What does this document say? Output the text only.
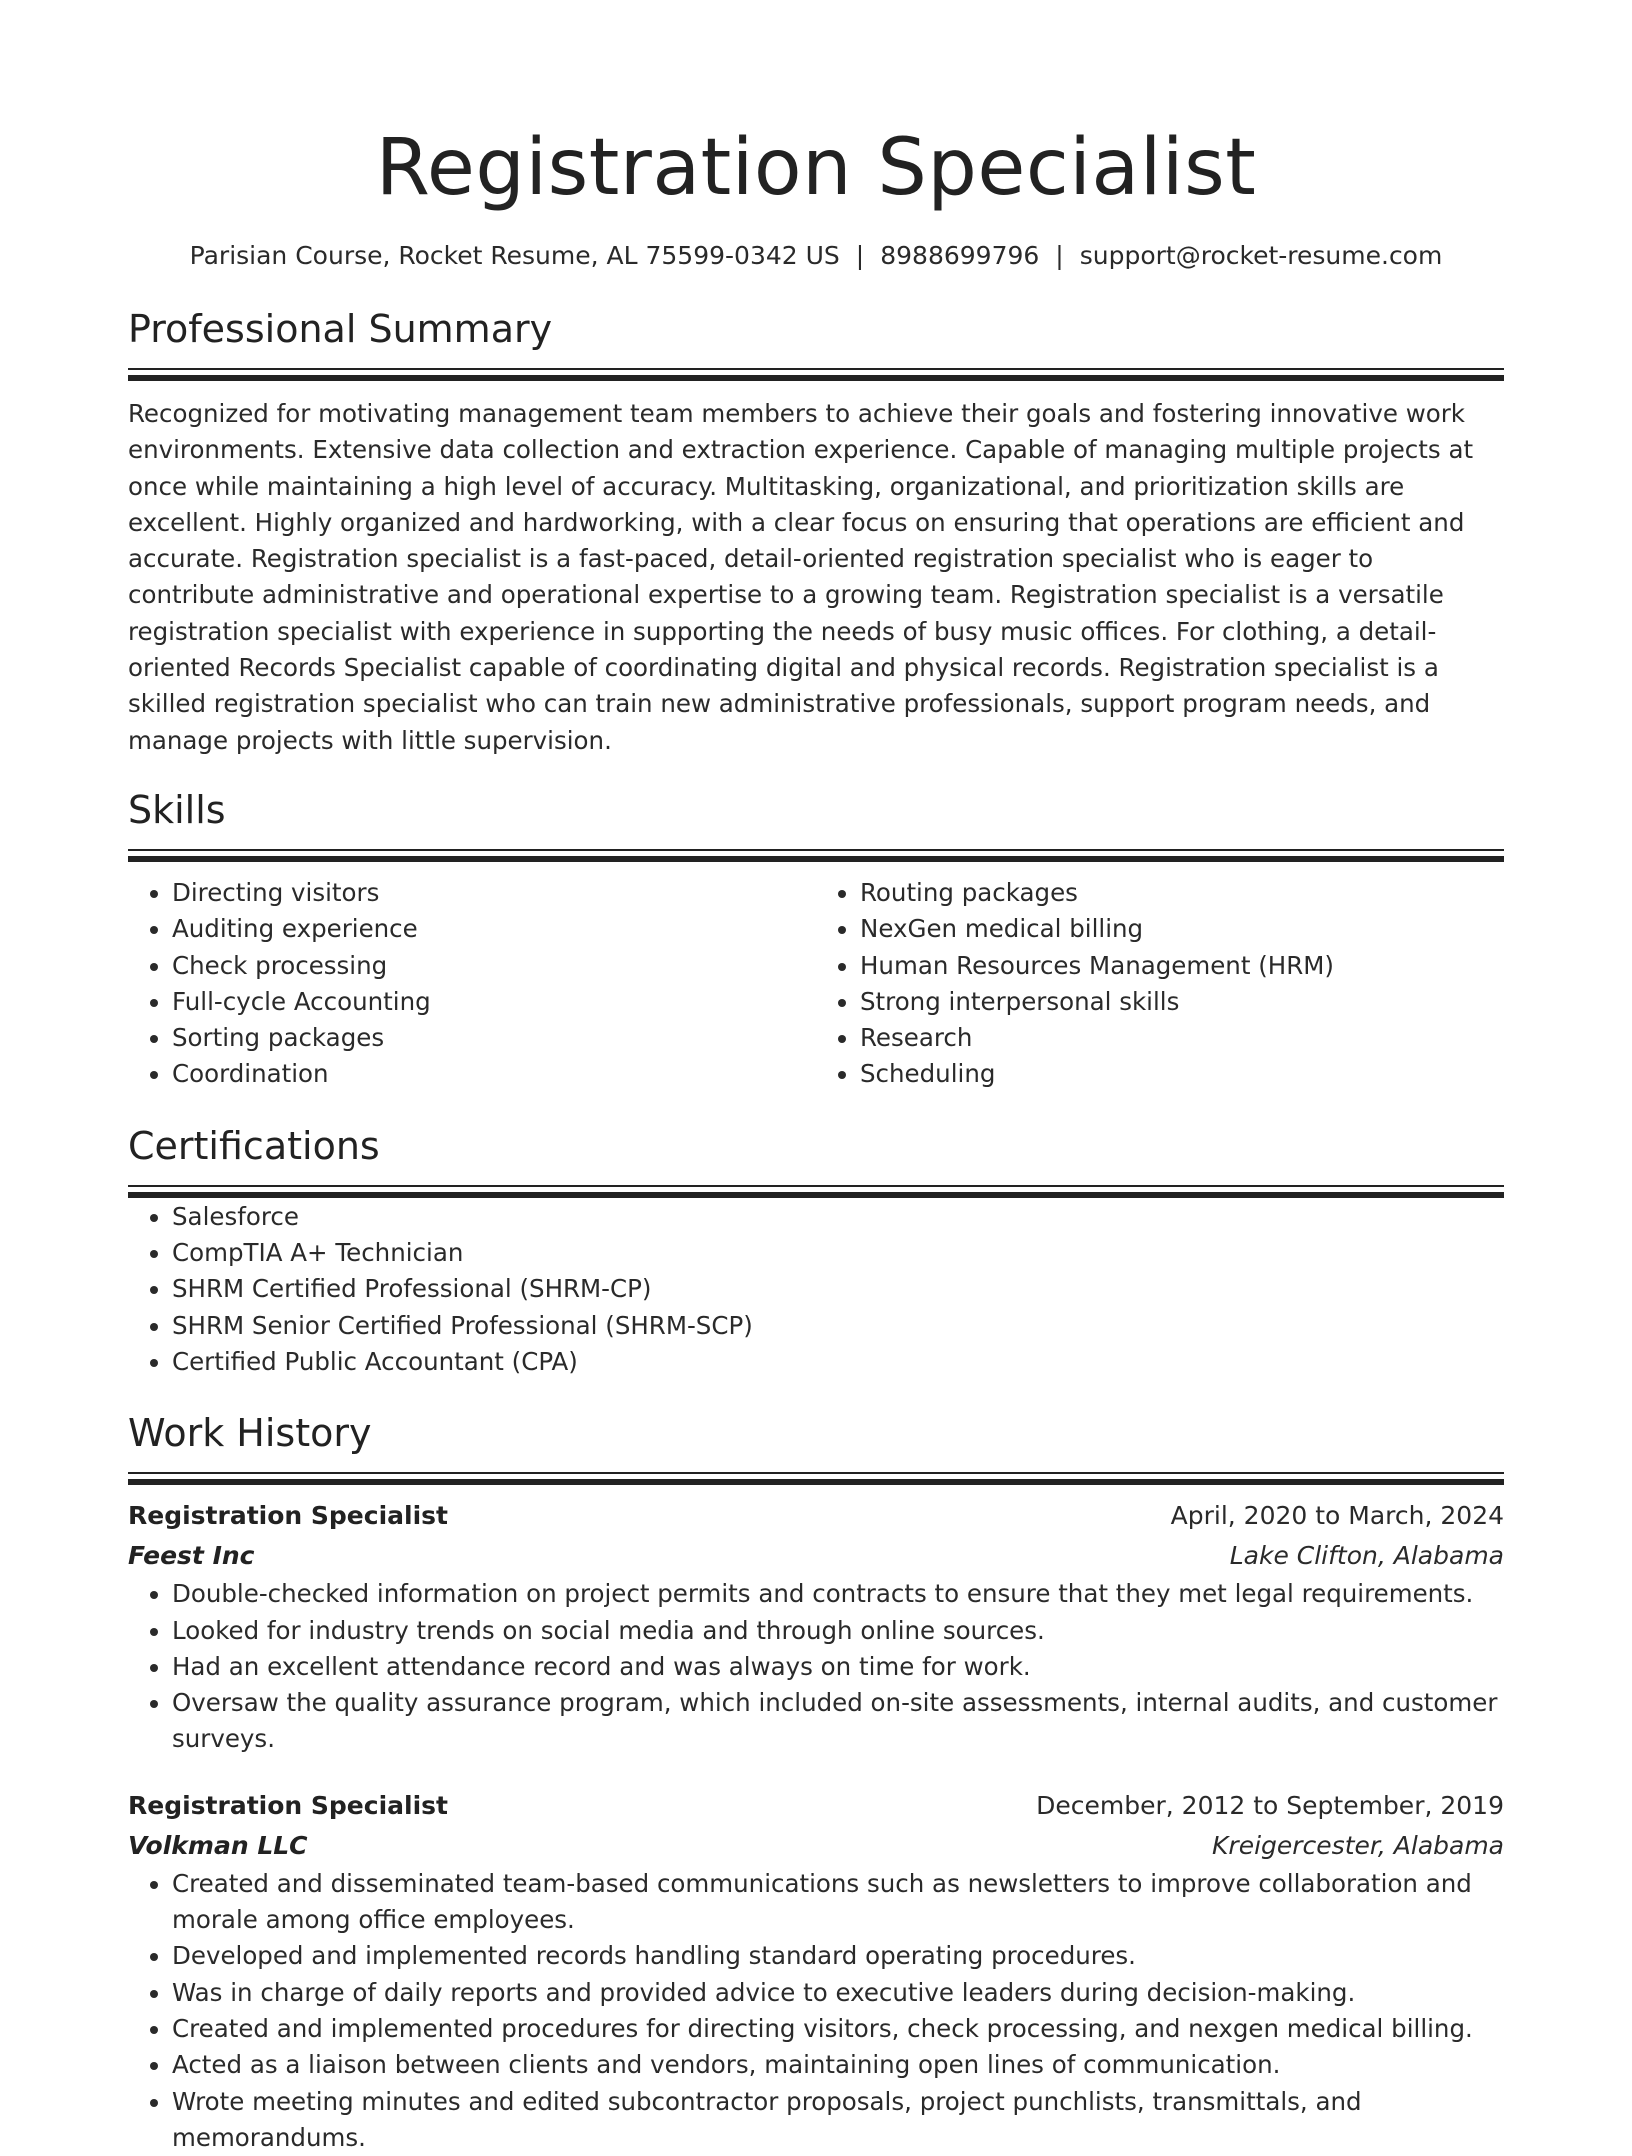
Registration Specialist
Parisian Course, Rocket Resume, AL 75599-0342 US | 8988699796 | support@rocket-resume.com
Professional Summary

Recognized for motivating management team members to achieve their goals and fostering innovative work environments. Extensive data collection and extraction experience. Capable of managing multiple projects at once while maintaining a high level of accuracy. Multitasking, organizational, and prioritization skills are excellent. Highly organized and hardworking, with a clear focus on ensuring that operations are efficient and accurate. Registration specialist is a fast-paced, detail-oriented registration specialist who is eager to contribute administrative and operational expertise to a growing team. Registration specialist is a versatile registration specialist with experience in supporting the needs of busy music offices. For clothing, a detail-oriented Records Specialist capable of coordinating digital and physical records. Registration specialist is a skilled registration specialist who can train new administrative professionals, support program needs, and manage projects with little supervision.

Skills
• Directing visitors
• Auditing experience
• Check processing
• Full-cycle Accounting
• Sorting packages
• Coordination
• Routing packages
• NexGen medical billing
• Human Resources Management (HRM)
• Strong interpersonal skills
• Research
• Scheduling
Certifications
• Salesforce
• CompTIA A+ Technician
• SHRM Certified Professional (SHRM-CP)
• SHRM Senior Certified Professional (SHRM-SCP)
• Certified Public Accountant (CPA)
Work History
Registration Specialist	April, 2020 to March, 2024
Feest Inc	Lake Clifton, Alabama
• Double-checked information on project permits and contracts to ensure that they met legal requirements.
• Looked for industry trends on social media and through online sources.
• Had an excellent attendance record and was always on time for work.
• Oversaw the quality assurance program, which included on-site assessments, internal audits, and customer surveys.
Registration Specialist	December, 2012 to September, 2019
Volkman LLC	Kreigercester, Alabama
• Created and disseminated team-based communications such as newsletters to improve collaboration and morale among office employees.
• Developed and implemented records handling standard operating procedures.
• Was in charge of daily reports and provided advice to executive leaders during decision-making.
• Created and implemented procedures for directing visitors, check processing, and nexgen medical billing.
• Acted as a liaison between clients and vendors, maintaining open lines of communication.
• Wrote meeting minutes and edited subcontractor proposals, project punchlists, transmittals, and memorandums.
